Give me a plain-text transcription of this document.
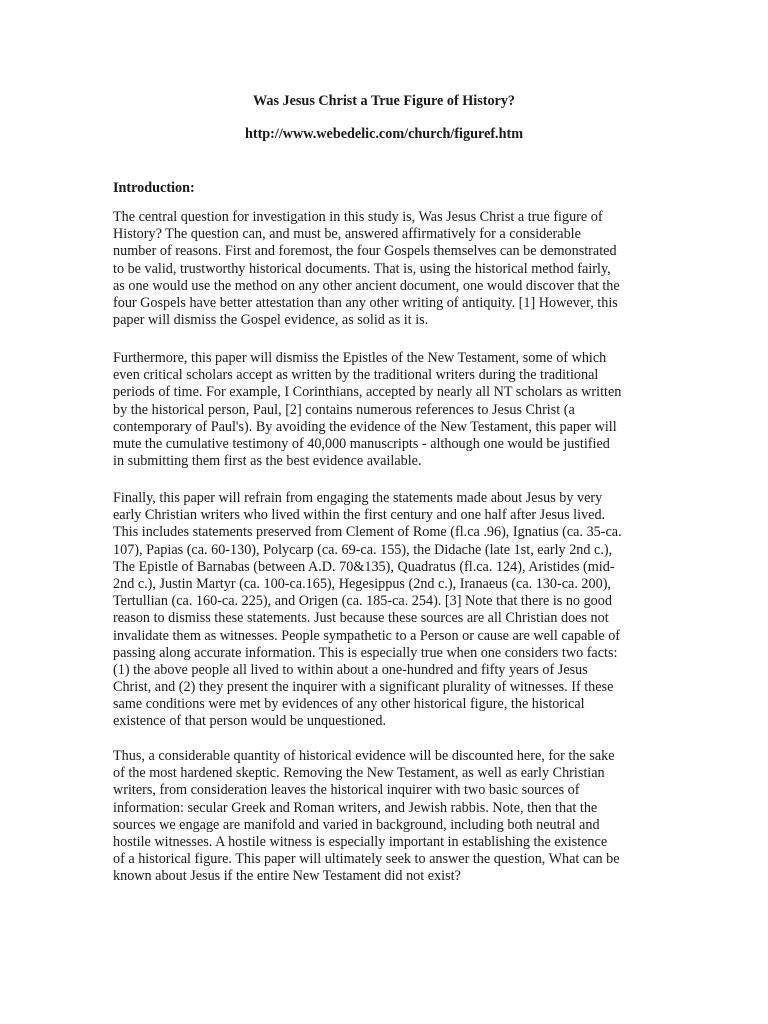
Was Jesus Christ a True Figure of History?
http://www.webedelic.com/church/figuref.htm
Introduction:

The central question for investigation in this study is, Was Jesus Christ a true figure of
History? The question can, and must be, answered affirmatively for a considerable
number of reasons. First and foremost, the four Gospels themselves can be demonstrated
to be valid, trustworthy historical documents. That is, using the historical method fairly,
as one would use the method on any other ancient document, one would discover that the
four Gospels have better attestation than any other writing of antiquity. [1] However, this
paper will dismiss the Gospel evidence, as solid as it is.

Furthermore, this paper will dismiss the Epistles of the New Testament, some of which
even critical scholars accept as written by the traditional writers during the traditional
periods of time. For example, I Corinthians, accepted by nearly all NT scholars as written
by the historical person, Paul, [2] contains numerous references to Jesus Christ (a
contemporary of Paul's). By avoiding the evidence of the New Testament, this paper will
mute the cumulative testimony of 40,000 manuscripts - although one would be justified
in submitting them first as the best evidence available.

Finally, this paper will refrain from engaging the statements made about Jesus by very
early Christian writers who lived within the first century and one half after Jesus lived.
This includes statements preserved from Clement of Rome (fl.ca .96), Ignatius (ca. 35-ca.
107), Papias (ca. 60-130), Polycarp (ca. 69-ca. 155), the Didache (late 1st, early 2nd c.),
The Epistle of Barnabas (between A.D. 70&135), Quadratus (fl.ca. 124), Aristides (mid-
2nd c.), Justin Martyr (ca. 100-ca.165), Hegesippus (2nd c.), Iranaeus (ca. 130-ca. 200),
Tertullian (ca. 160-ca. 225), and Origen (ca. 185-ca. 254). [3] Note that there is no good
reason to dismiss these statements. Just because these sources are all Christian does not
invalidate them as witnesses. People sympathetic to a Person or cause are well capable of
passing along accurate information. This is especially true when one considers two facts:
(1) the above people all lived to within about a one-hundred and fifty years of Jesus
Christ, and (2) they present the inquirer with a significant plurality of witnesses. If these
same conditions were met by evidences of any other historical figure, the historical
existence of that person would be unquestioned.

Thus, a considerable quantity of historical evidence will be discounted here, for the sake
of the most hardened skeptic. Removing the New Testament, as well as early Christian
writers, from consideration leaves the historical inquirer with two basic sources of
information: secular Greek and Roman writers, and Jewish rabbis. Note, then that the
sources we engage are manifold and varied in background, including both neutral and
hostile witnesses. A hostile witness is especially important in establishing the existence
of a historical figure. This paper will ultimately seek to answer the question, What can be
known about Jesus if the entire New Testament did not exist?
